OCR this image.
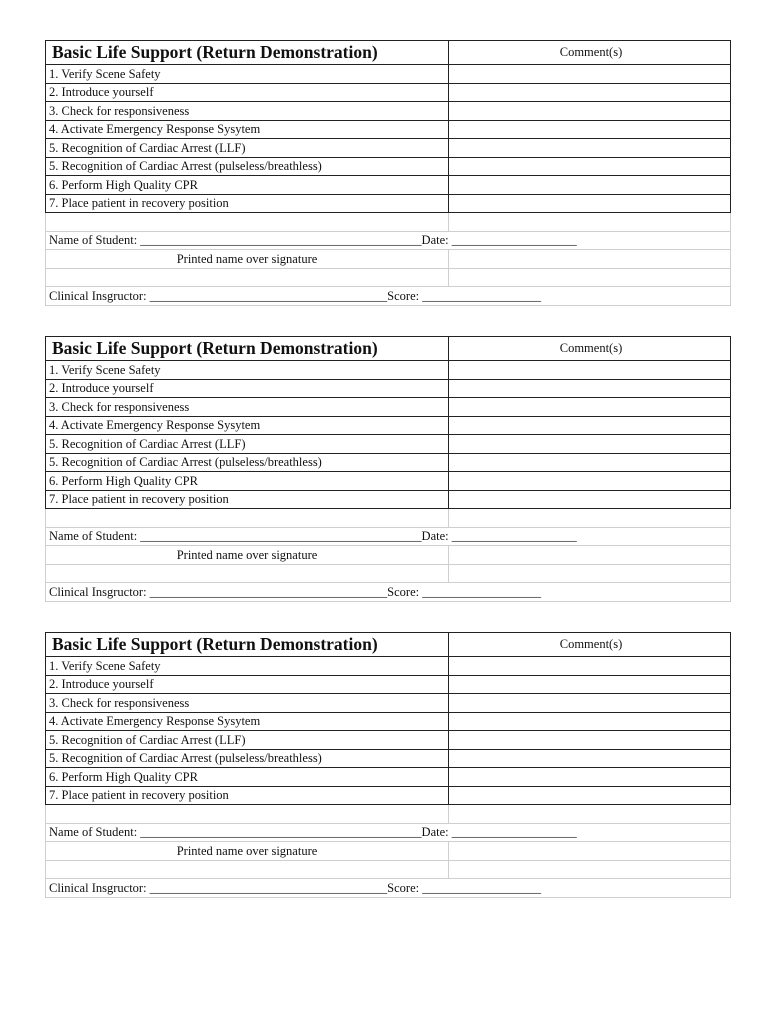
Basic Life Support (Return Demonstration)	Comment(s)
1. Verify Scene Safety	
2. Introduce yourself	
3. Check for responsiveness	
4. Activate Emergency Response Sysytem	
5. Recognition of Cardiac Arrest (LLF)	
5. Recognition of Cardiac Arrest (pulseless/breathless)	
6. Perform High Quality CPR	
7. Place patient in recovery position	

Name of Student: _____________________________________________Date: ____________________	
Printed name over signature	

Clinical Insgructor: ______________________________________Score: ___________________	
Basic Life Support (Return Demonstration)	Comment(s)
1. Verify Scene Safety	
2. Introduce yourself	
3. Check for responsiveness	
4. Activate Emergency Response Sysytem	
5. Recognition of Cardiac Arrest (LLF)	
5. Recognition of Cardiac Arrest (pulseless/breathless)	
6. Perform High Quality CPR	
7. Place patient in recovery position	

Name of Student: _____________________________________________Date: ____________________	
Printed name over signature	

Clinical Insgructor: ______________________________________Score: ___________________	
Basic Life Support (Return Demonstration)	Comment(s)
1. Verify Scene Safety	
2. Introduce yourself	
3. Check for responsiveness	
4. Activate Emergency Response Sysytem	
5. Recognition of Cardiac Arrest (LLF)	
5. Recognition of Cardiac Arrest (pulseless/breathless)	
6. Perform High Quality CPR	
7. Place patient in recovery position	

Name of Student: _____________________________________________Date: ____________________	
Printed name over signature	

Clinical Insgructor: ______________________________________Score: ___________________	
